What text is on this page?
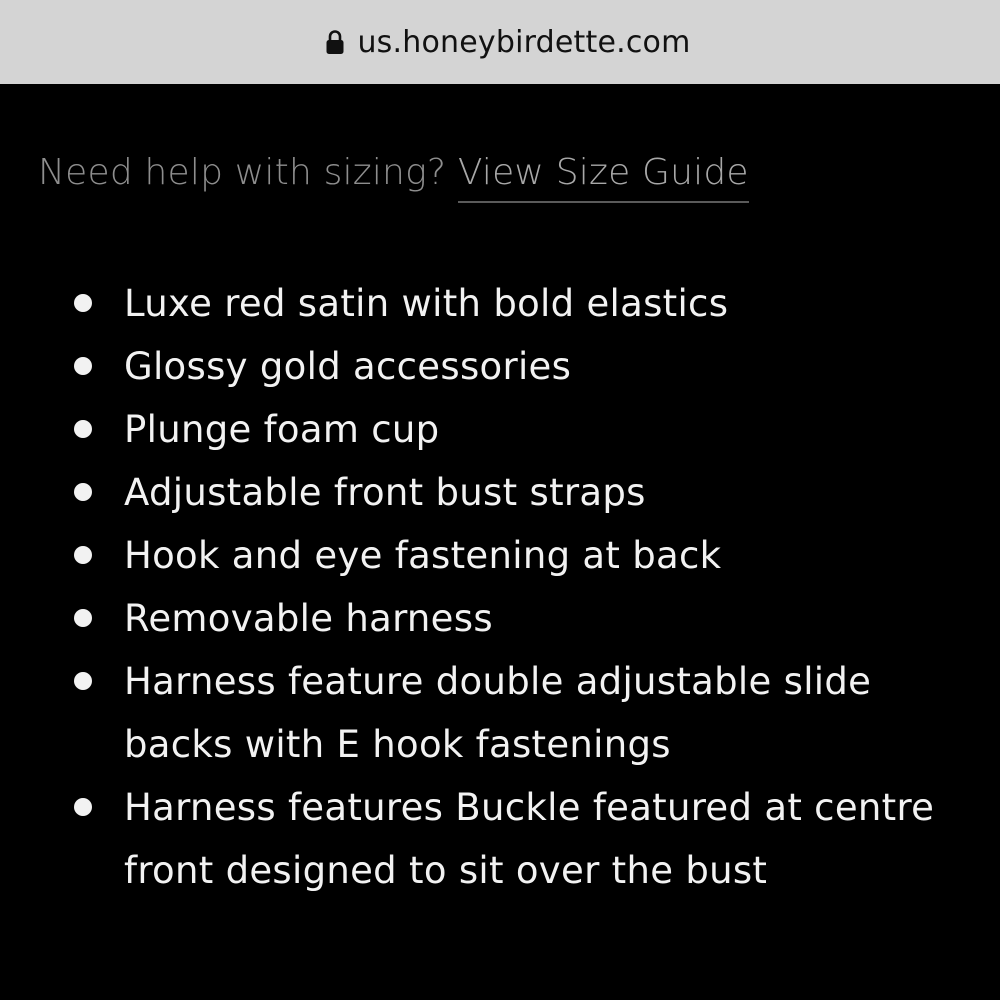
us.honeybirdette.com
Need help with sizing? View Size Guide
Luxe red satin with bold elastics
Glossy gold accessories
Plunge foam cup
Adjustable front bust straps
Hook and eye fastening at back
Removable harness
Harness feature double adjustable slide backs with E hook fastenings
Harness features Buckle featured at centre front designed to sit over the bust
